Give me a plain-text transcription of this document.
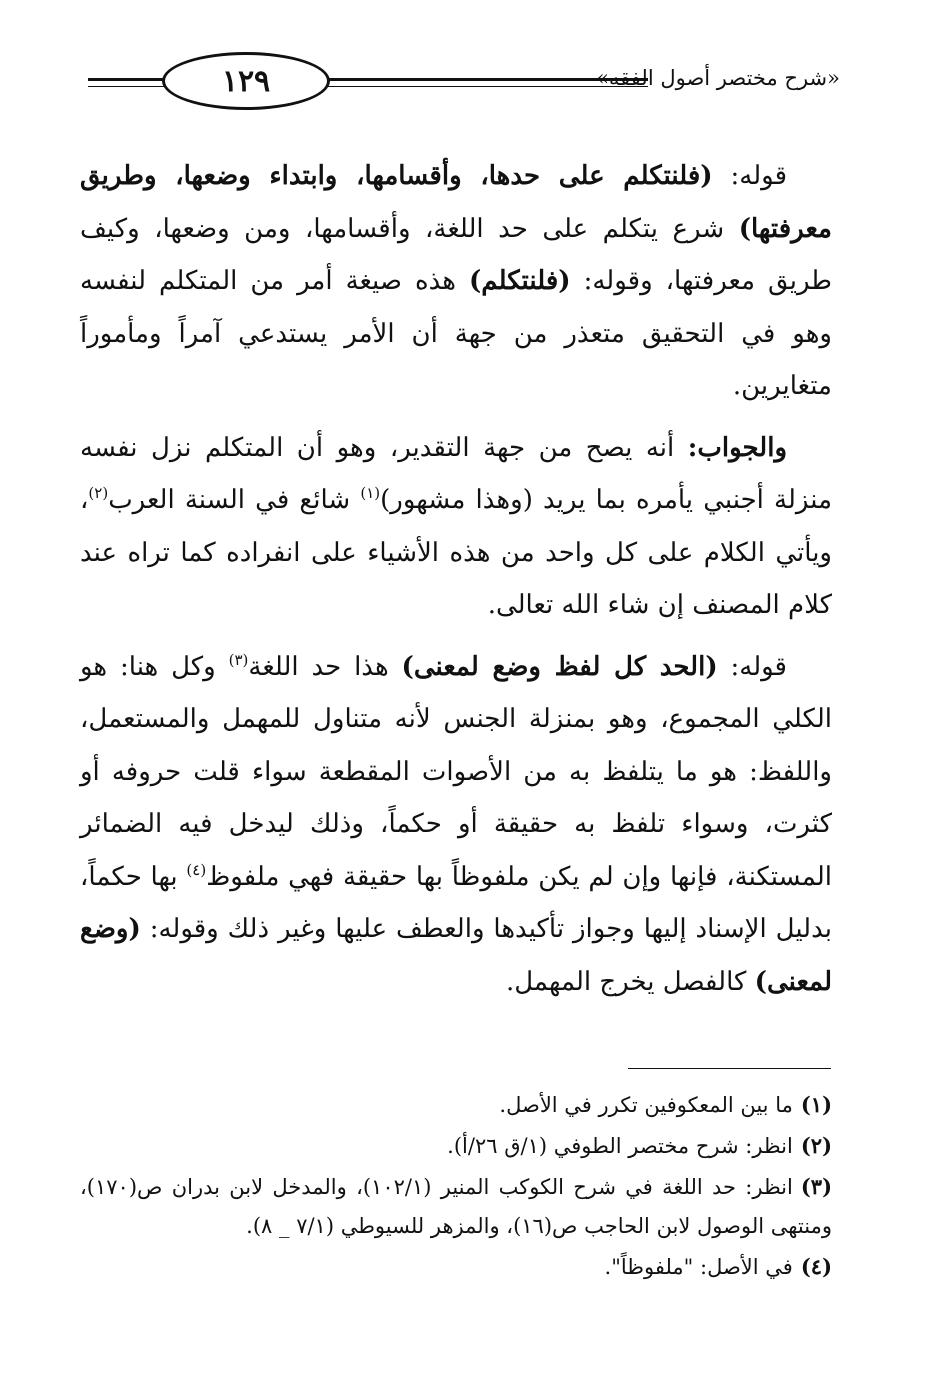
١٢٩	«شرح مختصر أصول الفقه»

قوله: (فلنتكلم على حدها، وأقسامها، وابتداء وضعها، وطريق معرفتها) شرع يتكلم على حد اللغة، وأقسامها، ومن وضعها، وكيف طريق معرفتها، وقوله: (فلنتكلم) هذه صيغة أمر من المتكلم لنفسه وهو في التحقيق متعذر من جهة أن الأمر يستدعي آمراً ومأموراً متغايرين.

والجواب: أنه يصح من جهة التقدير، وهو أن المتكلم نزل نفسه منزلة أجنبي يأمره بما يريد (وهذا مشهور)$^{(١)}$ شائع في السنة العرب$^{(٢)}$، ويأتي الكلام على كل واحد من هذه الأشياء على انفراده كما تراه عند كلام المصنف إن شاء الله تعالى.

قوله: (الحد كل لفظ وضع لمعنى) هذا حد اللغة$^{(٣)}$ وكل هنا: هو الكلي المجموع، وهو بمنزلة الجنس لأنه متناول للمهمل والمستعمل، واللفظ: هو ما يتلفظ به من الأصوات المقطعة سواء قلت حروفه أو كثرت، وسواء تلفظ به حقيقة أو حكماً، وذلك ليدخل فيه الضمائر المستكنة، فإنها وإن لم يكن ملفوظاً بها حقيقة فهي ملفوظ$^{(٤)}$ بها حكماً، بدليل الإسناد إليها وجواز تأكيدها والعطف عليها وغير ذلك وقوله: (وضع لمعنى) كالفصل يخرج المهمل.

(١)ما بين المعكوفين تكرر في الأصل.

(٢)انظر: شرح مختصر الطوفي (١/ق ٢٦/أ).

(٣)انظر: حد اللغة في شرح الكوكب المنير (١٠٢/١)، والمدخل لابن بدران ص(١٧٠)، ومنتهى الوصول لابن الحاجب ص(١٦)، والمزهر للسيوطي (٧/١ _ ٨).

(٤)في الأصل: "ملفوظاً".
